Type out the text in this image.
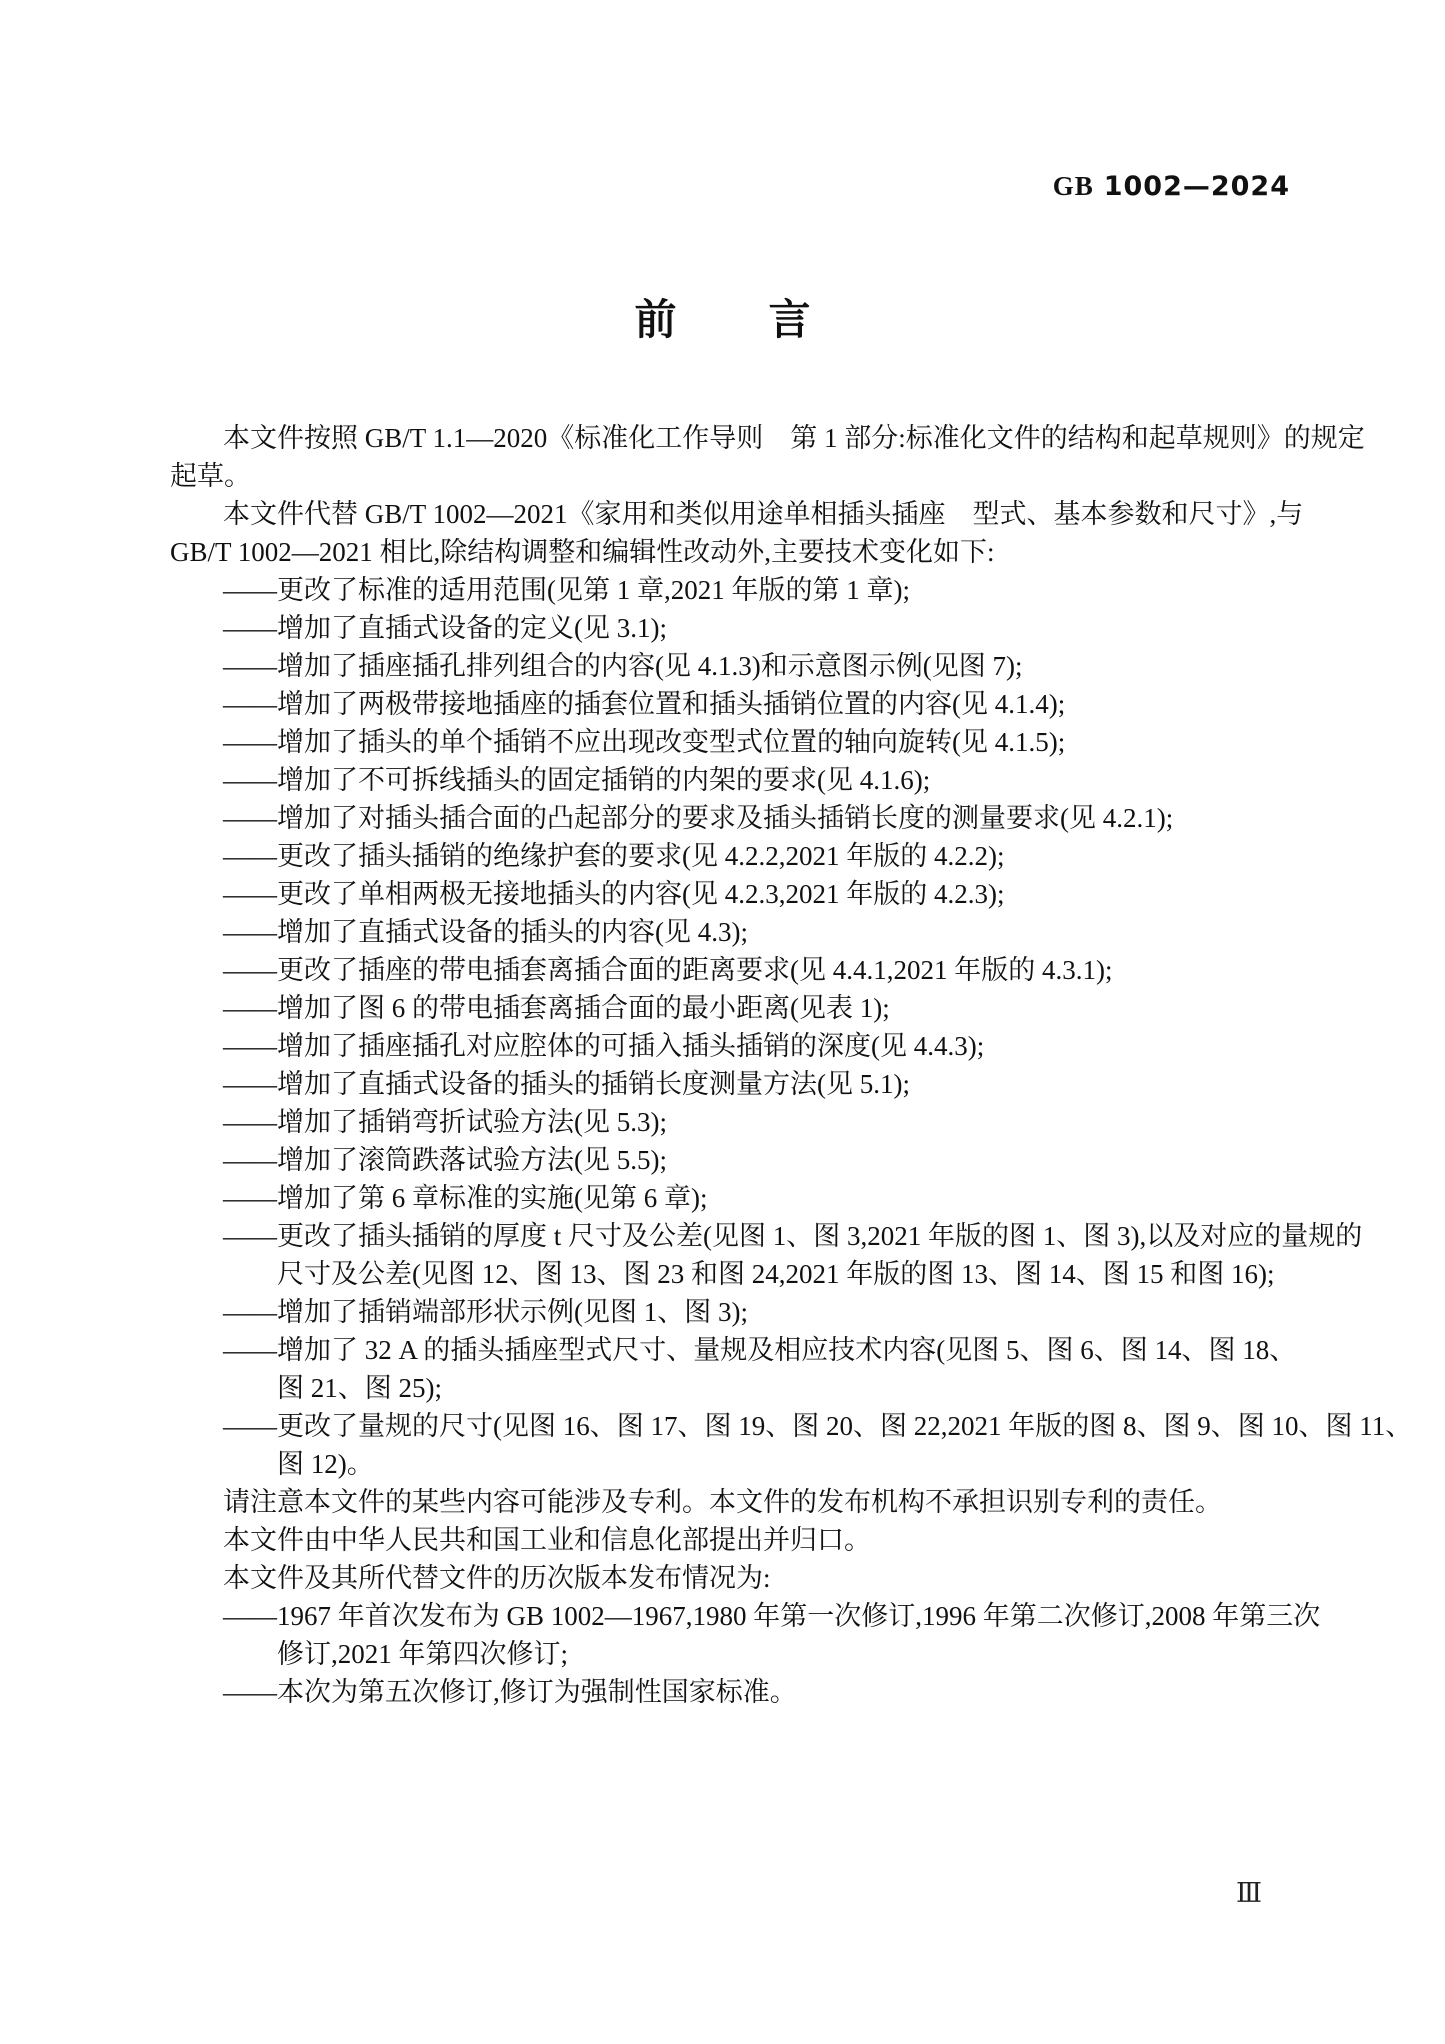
GB 1002—2024
前 言
本文件按照 GB/T 1.1—2020《标准化工作导则　第 1 部分:标准化文件的结构和起草规则》的规定
起草。
本文件代替 GB/T 1002—2021《家用和类似用途单相插头插座　型式、基本参数和尺寸》,与
GB/T 1002—2021 相比,除结构调整和编辑性改动外,主要技术变化如下:
——更改了标准的适用范围(见第 1 章,2021 年版的第 1 章);
——增加了直插式设备的定义(见 3.1);
——增加了插座插孔排列组合的内容(见 4.1.3)和示意图示例(见图 7);
——增加了两极带接地插座的插套位置和插头插销位置的内容(见 4.1.4);
——增加了插头的单个插销不应出现改变型式位置的轴向旋转(见 4.1.5);
——增加了不可拆线插头的固定插销的内架的要求(见 4.1.6);
——增加了对插头插合面的凸起部分的要求及插头插销长度的测量要求(见 4.2.1);
——更改了插头插销的绝缘护套的要求(见 4.2.2,2021 年版的 4.2.2);
——更改了单相两极无接地插头的内容(见 4.2.3,2021 年版的 4.2.3);
——增加了直插式设备的插头的内容(见 4.3);
——更改了插座的带电插套离插合面的距离要求(见 4.4.1,2021 年版的 4.3.1);
——增加了图 6 的带电插套离插合面的最小距离(见表 1);
——增加了插座插孔对应腔体的可插入插头插销的深度(见 4.4.3);
——增加了直插式设备的插头的插销长度测量方法(见 5.1);
——增加了插销弯折试验方法(见 5.3);
——增加了滚筒跌落试验方法(见 5.5);
——增加了第 6 章标准的实施(见第 6 章);
——更改了插头插销的厚度 t 尺寸及公差(见图 1、图 3,2021 年版的图 1、图 3),以及对应的量规的
尺寸及公差(见图 12、图 13、图 23 和图 24,2021 年版的图 13、图 14、图 15 和图 16);
——增加了插销端部形状示例(见图 1、图 3);
——增加了 32 A 的插头插座型式尺寸、量规及相应技术内容(见图 5、图 6、图 14、图 18、
图 21、图 25);
——更改了量规的尺寸(见图 16、图 17、图 19、图 20、图 22,2021 年版的图 8、图 9、图 10、图 11、
图 12)。
请注意本文件的某些内容可能涉及专利。本文件的发布机构不承担识别专利的责任。
本文件由中华人民共和国工业和信息化部提出并归口。
本文件及其所代替文件的历次版本发布情况为:
——1967 年首次发布为 GB 1002—1967,1980 年第一次修订,1996 年第二次修订,2008 年第三次
修订,2021 年第四次修订;
——本次为第五次修订,修订为强制性国家标准。
Ⅲ
